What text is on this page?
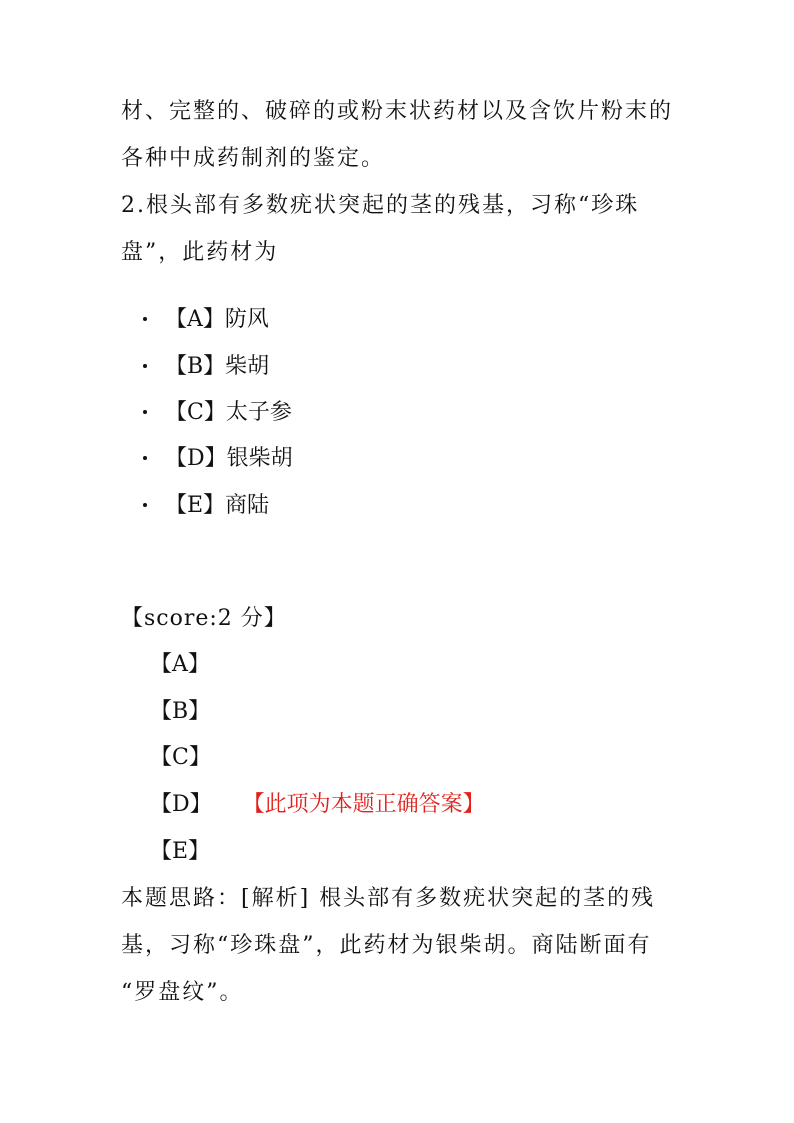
材、完整的、破碎的或粉末状药材以及含饮片粉末的
各种中成药制剂的鉴定。
2.根头部有多数疣状突起的茎的残基，习称“珍珠
盘”，此药材为
【A】防风
【B】柴胡
【C】太子参
【D】银柴胡
【E】商陆
【score:2 分】
【A】
【B】
【C】
【D】 【此项为本题正确答案】
【E】
本题思路：[解析] 根头部有多数疣状突起的茎的残
基，习称“珍珠盘”，此药材为银柴胡。商陆断面有
“罗盘纹”。
